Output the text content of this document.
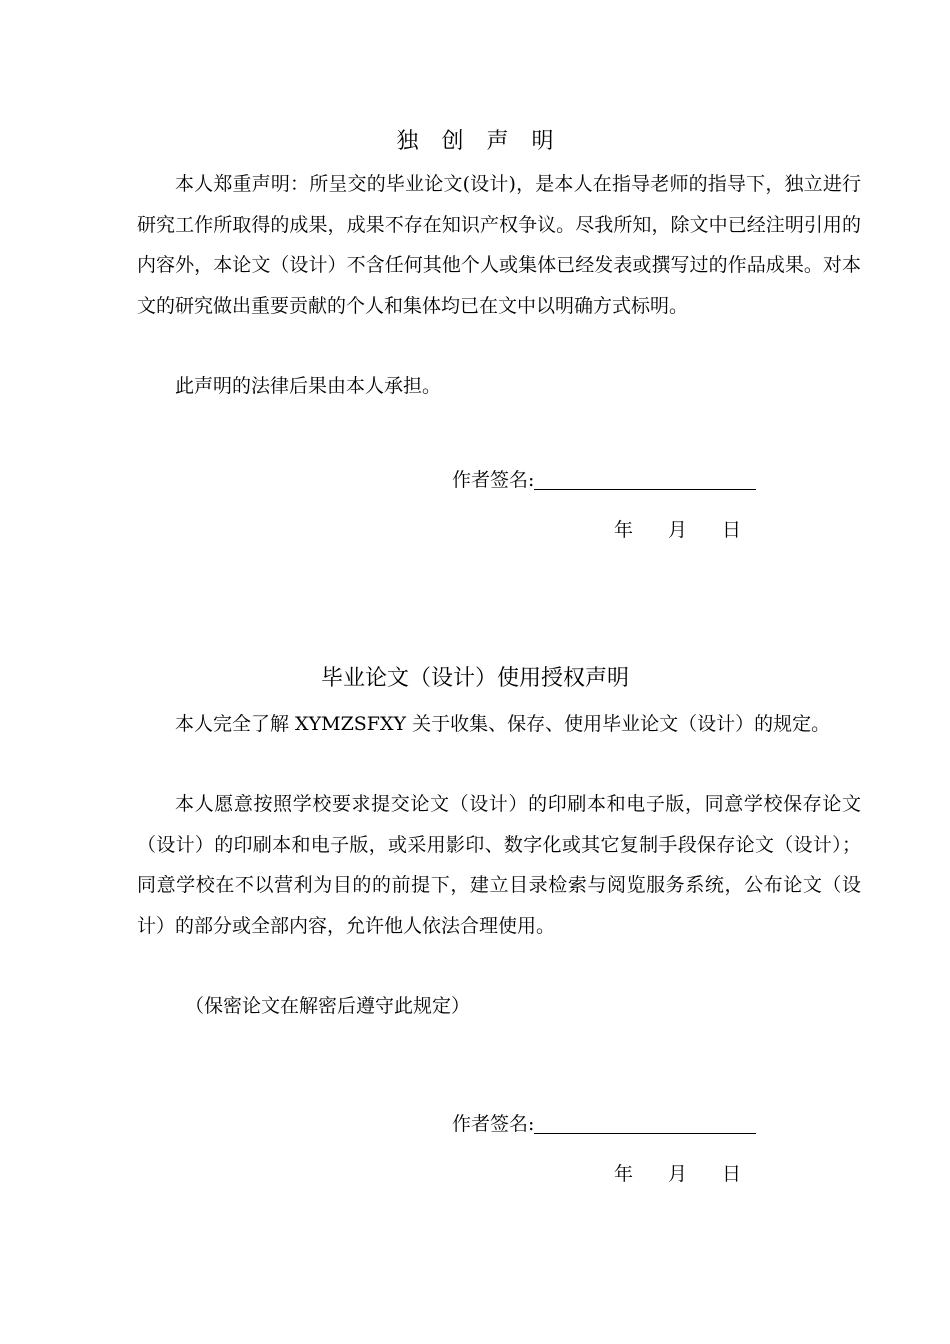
独 创 声 明

本人郑重声明：所呈交的毕业论文(设计)，是本人在指导老师的指导下，独立进行研究工作所取得的成果，成果不存在知识产权争议。尽我所知，除文中已经注明引用的内容外，本论文（设计）不含任何其他个人或集体已经发表或撰写过的作品成果。对本文的研究做出重要贡献的个人和集体均已在文中以明确方式标明。

此声明的法律后果由本人承担。

作者签名:
年 月 日
毕业论文（设计）使用授权声明

本人完全了解 XYMZSFXY 关于收集、保存、使用毕业论文（设计）的规定。

本人愿意按照学校要求提交论文（设计）的印刷本和电子版，同意学校保存论文（设计）的印刷本和电子版，或采用影印、数字化或其它复制手段保存论文（设计）；同意学校在不以营利为目的的前提下，建立目录检索与阅览服务系统，公布论文（设计）的部分或全部内容，允许他人依法合理使用。

（保密论文在解密后遵守此规定）

作者签名:
年 月 日
